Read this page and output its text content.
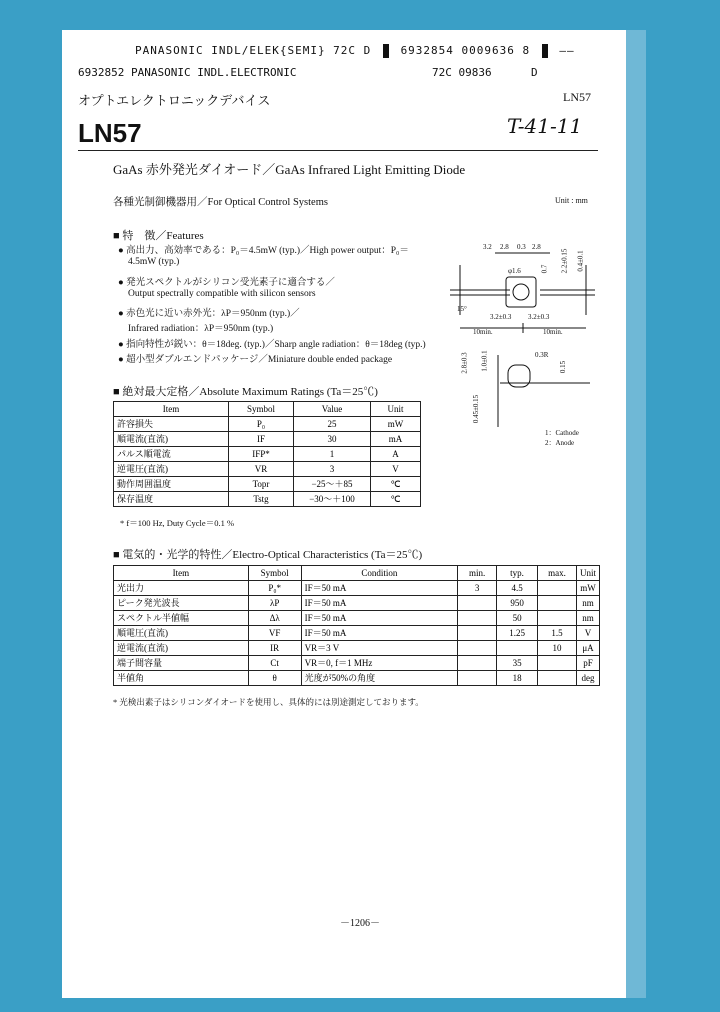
PANASONIC INDL/ELEK{SEMI} 72C D	6932854 0009636 8	——
6932852 PANASONIC INDL.ELECTRONIC	72C 09836	D
オプトエレクトロニックデバイス	LN57
T-41-11
LN57
GaAs 赤外発光ダイオード／GaAs Infrared Light Emitting Diode
各種光制御機器用／For Optical Control Systems	Unit : mm
■ 特　徴／Features
● 高出力、高効率である：P₀＝4.5mW (typ.)／High power output：P₀＝
4.5mW (typ.)
● 発光スペクトルがシリコン受光素子に適合する／
Output spectrally compatible with silicon sensors
● 赤色光に近い赤外光：λP＝950nm (typ.)／
Infrared radiation：λP＝950nm (typ.)
● 指向特性が鋭い：θ＝18deg. (typ.)／Sharp angle radiation：θ＝18deg (typ.)
● 超小型ダブルエンドパッケージ／Miniature double ended package
3.2 2.8 0.3 2.8
φ1.6	0.7 2.2±0.15 0.4±0.1
10min.	10min.
3.2±0.3 3.2±0.3
15°
0.3R
0.15
2.8±0.3 1.0±0.1
0.45±0.15
1：Cathode
2：Anode
■ 絶対最大定格／Absolute Maximum Ratings (Ta＝25℃)
Item	Symbol	Value	Unit
許容損失	P₀	25	mW
順電流(直流)	IF	30	mA
パルス順電流	IFP*	1	A
逆電圧(直流)	VR	3	V
動作周囲温度	Topr	−25～＋85	℃
保存温度	Tstg	−30～＋100	℃
* f＝100 Hz, Duty Cycle＝0.1 %
■ 電気的・光学的特性／Electro-Optical Characteristics (Ta＝25℃)
Item	Symbol	Condition	min.	typ.	max.	Unit
光出力	P₀*	IF＝50 mA	3	4.5		mW
ピーク発光波長	λP	IF＝50 mA		950		nm
スペクトル半値幅	Δλ	IF＝50 mA		50		nm
順電圧(直流)	VF	IF＝50 mA		1.25	1.5	V
逆電流(直流)	IR	VR＝3 V			10	μA
端子間容量	Ct	VR＝0, f＝1 MHz		35		pF
半値角	θ	光度が50%の角度		18		deg
* 光検出素子はシリコンダイオードを使用し、具体的には別途測定しております。
－1206－
